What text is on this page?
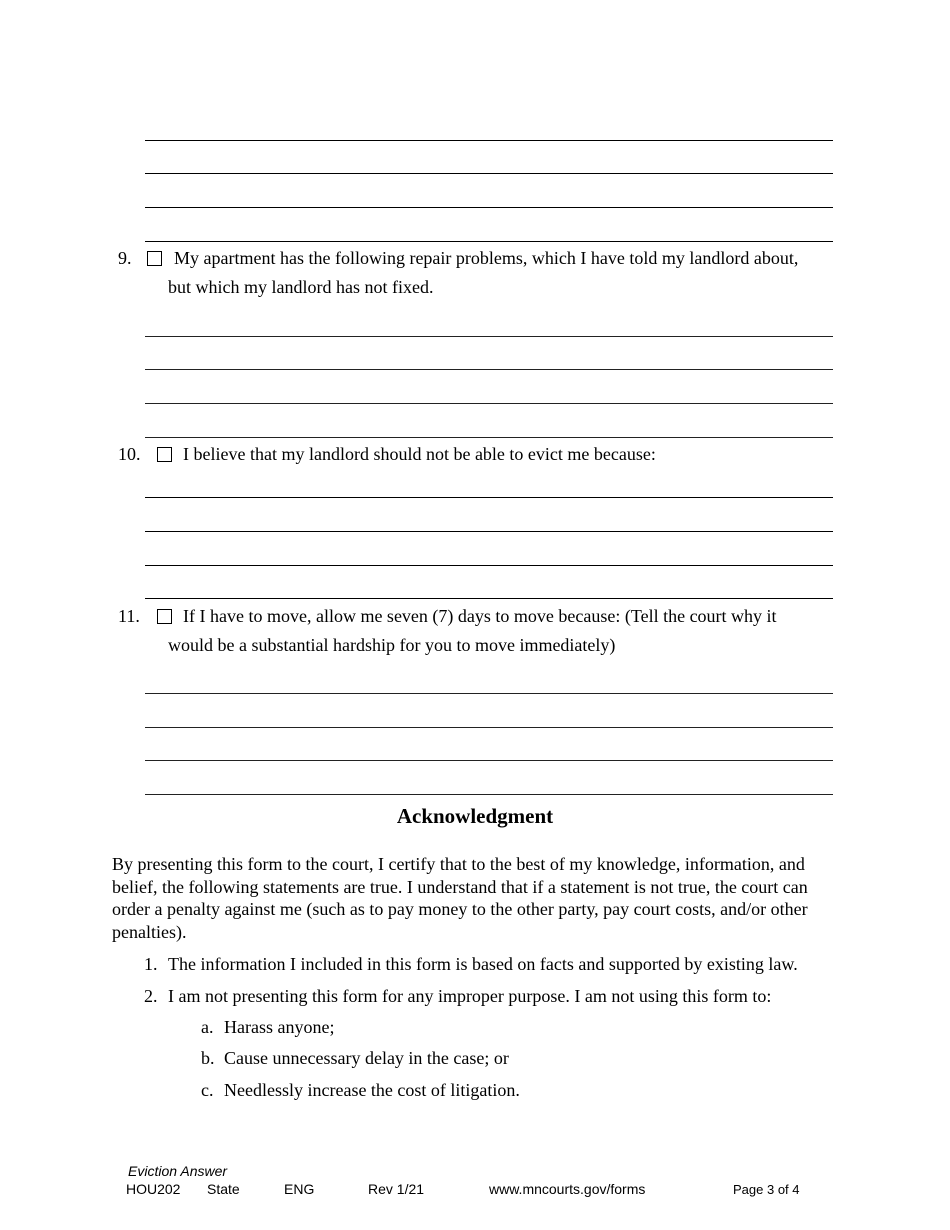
9. My apartment has the following repair problems, which I have told my landlord about,
but which my landlord has not fixed.
10. I believe that my landlord should not be able to evict me because:
11. If I have to move, allow me seven (7) days to move because: (Tell the court why it
would be a substantial hardship for you to move immediately)
Acknowledgment
By presenting this form to the court, I certify that to the best of my knowledge, information, and
belief, the following statements are true. I understand that if a statement is not true, the court can
order a penalty against me (such as to pay money to the other party, pay court costs, and/or other
penalties).
1. The information I included in this form is based on facts and supported by existing law.
2. I am not presenting this form for any improper purpose. I am not using this form to:
a. Harass anyone;
b. Cause unnecessary delay in the case; or
c. Needlessly increase the cost of litigation.
Eviction Answer
HOU202 State	ENG	Rev 1/21	www.mncourts.gov/forms	Page 3 of 4
